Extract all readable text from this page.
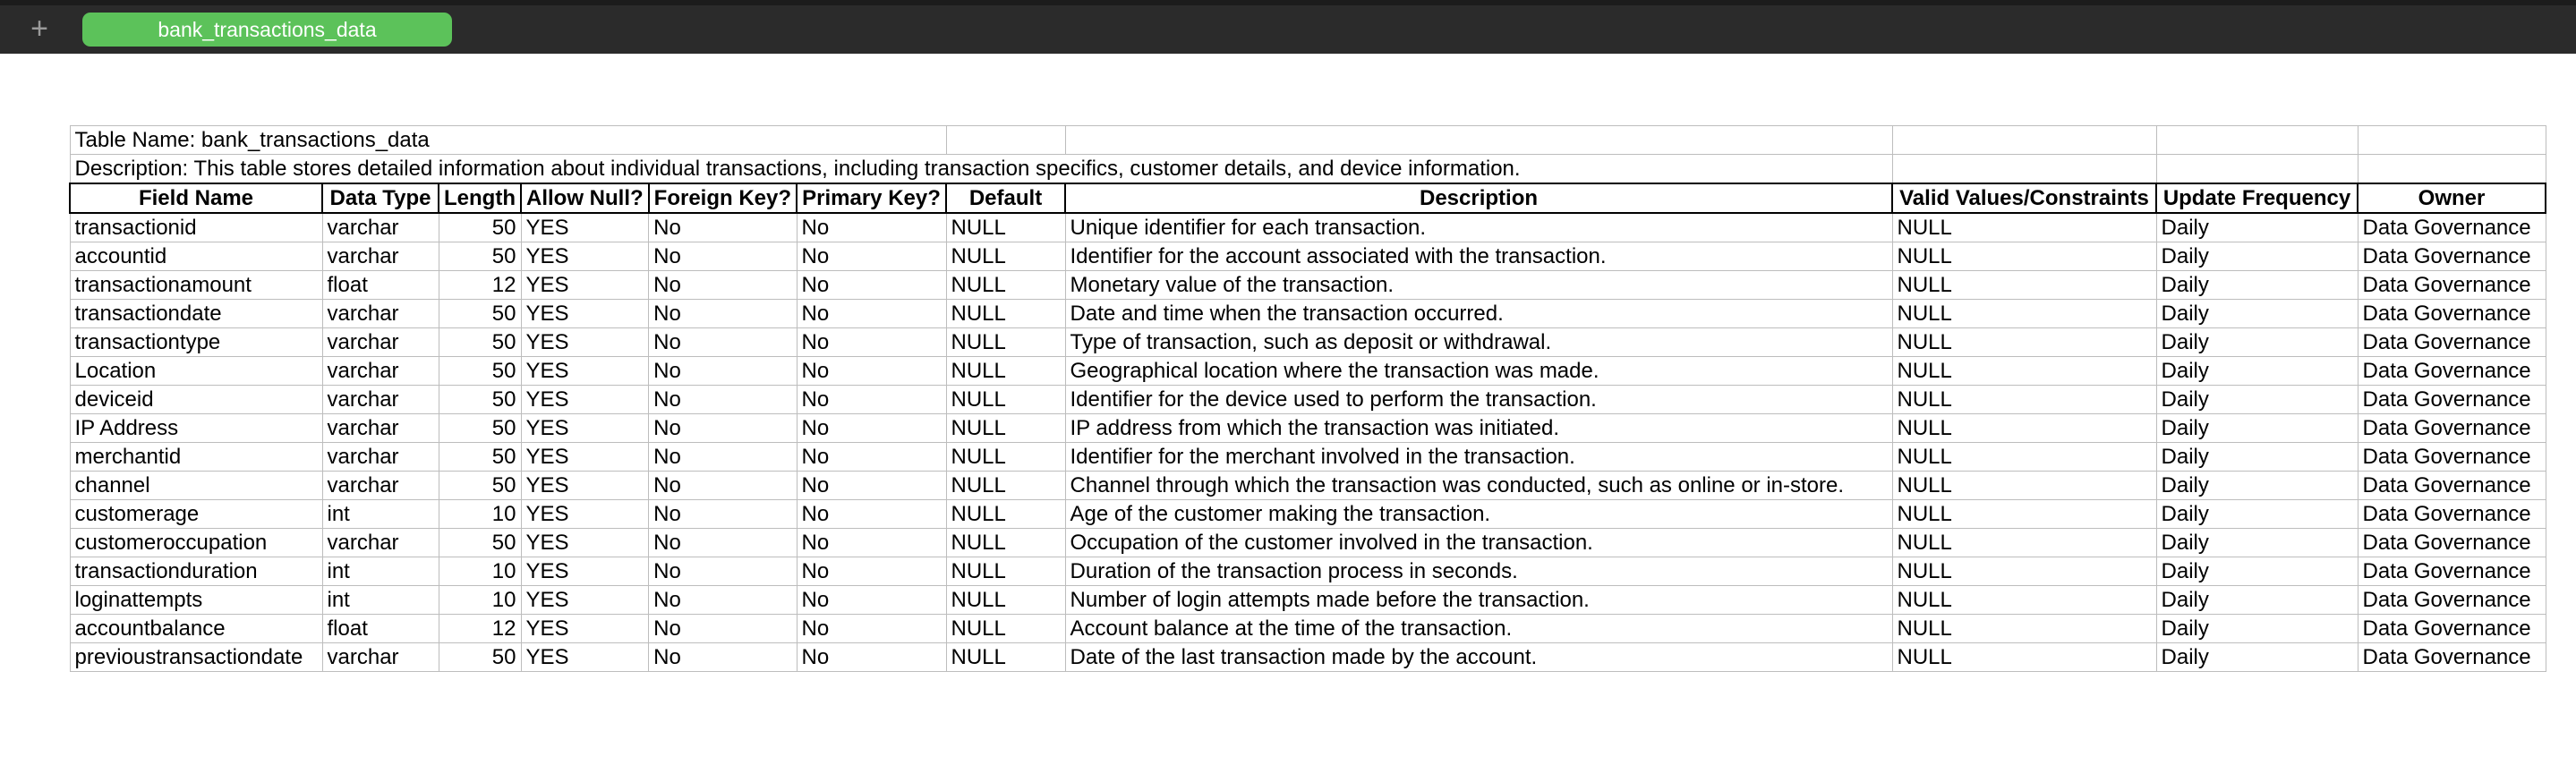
+	bank_transactions_data
Table Name: bank_transactions_data										
Description: This table stores detailed information about individual transactions, including transaction specifics, customer details, and device information.										
Field Name	Data Type	Length	Allow Null?	Foreign Key?	Primary Key?	Default	Description	Valid Values/Constraints	Update Frequency	Owner
transactionid	varchar	50	YES	No	No	NULL	Unique identifier for each transaction.	NULL	Daily	Data Governance
accountid	varchar	50	YES	No	No	NULL	Identifier for the account associated with the transaction.	NULL	Daily	Data Governance
transactionamount	float	12	YES	No	No	NULL	Monetary value of the transaction.	NULL	Daily	Data Governance
transactiondate	varchar	50	YES	No	No	NULL	Date and time when the transaction occurred.	NULL	Daily	Data Governance
transactiontype	varchar	50	YES	No	No	NULL	Type of transaction, such as deposit or withdrawal.	NULL	Daily	Data Governance
Location	varchar	50	YES	No	No	NULL	Geographical location where the transaction was made.	NULL	Daily	Data Governance
deviceid	varchar	50	YES	No	No	NULL	Identifier for the device used to perform the transaction.	NULL	Daily	Data Governance
IP Address	varchar	50	YES	No	No	NULL	IP address from which the transaction was initiated.	NULL	Daily	Data Governance
merchantid	varchar	50	YES	No	No	NULL	Identifier for the merchant involved in the transaction.	NULL	Daily	Data Governance
channel	varchar	50	YES	No	No	NULL	Channel through which the transaction was conducted, such as online or in-store.	NULL	Daily	Data Governance
customerage	int	10	YES	No	No	NULL	Age of the customer making the transaction.	NULL	Daily	Data Governance
customeroccupation	varchar	50	YES	No	No	NULL	Occupation of the customer involved in the transaction.	NULL	Daily	Data Governance
transactionduration	int	10	YES	No	No	NULL	Duration of the transaction process in seconds.	NULL	Daily	Data Governance
loginattempts	int	10	YES	No	No	NULL	Number of login attempts made before the transaction.	NULL	Daily	Data Governance
accountbalance	float	12	YES	No	No	NULL	Account balance at the time of the transaction.	NULL	Daily	Data Governance
previoustransactiondate	varchar	50	YES	No	No	NULL	Date of the last transaction made by the account.	NULL	Daily	Data Governance
